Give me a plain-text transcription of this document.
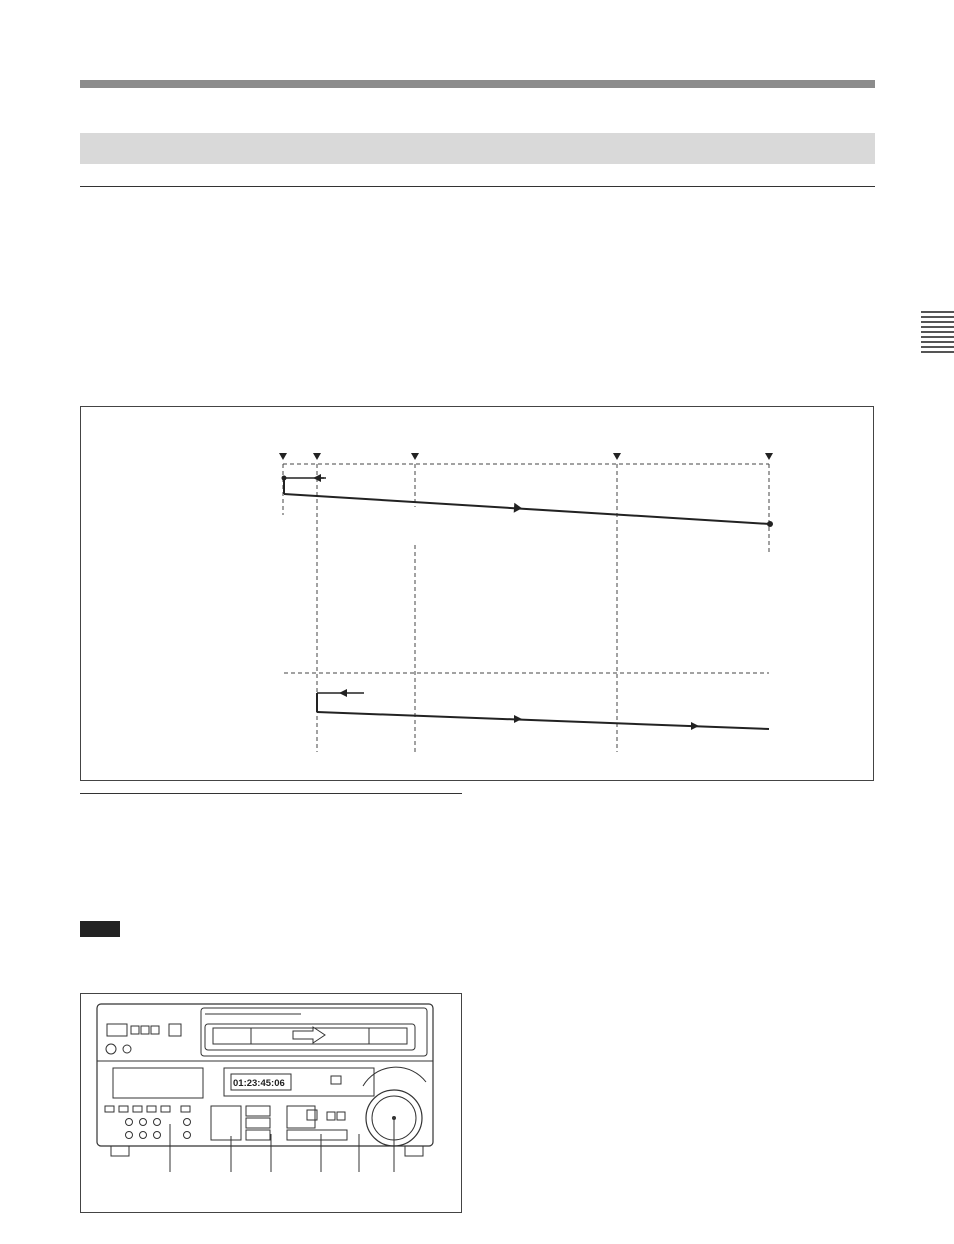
01:23:45:06
